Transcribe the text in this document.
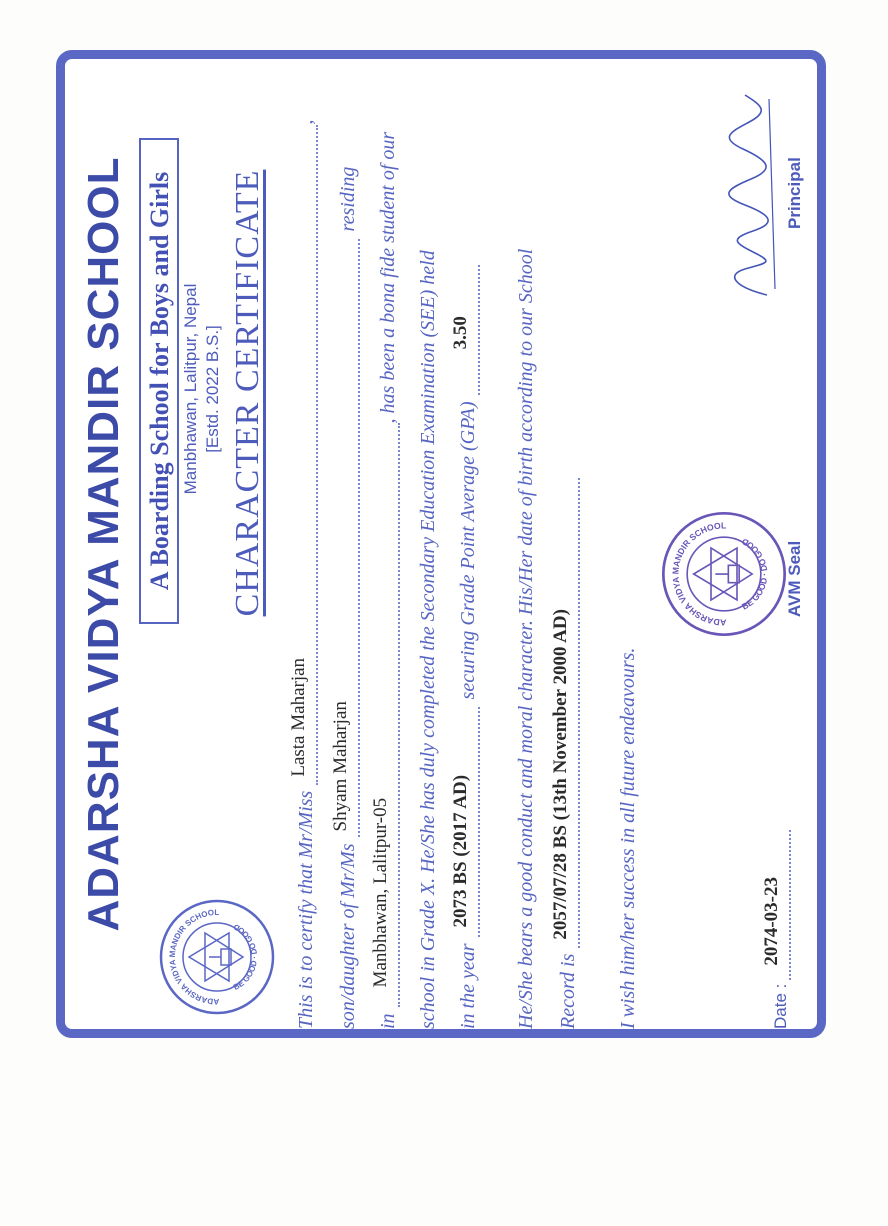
ADARSHA VIDYA MANDIR SCHOOL
ADARSHA VIDYA MANDIR SCHOOL
BE GOOD · DO GOOD
A Boarding School for Boys and Girls Manbhawan, Lalitpur, Nepal [Estd. 2022 B.S.] CHARACTER CERTIFICATE
This is to certify that Mr/Miss
Lasta Maharjan
,
son/daughter of Mr/Ms
Shyam Maharjan
residing
in
Manbhawan, Lalitpur-05
, has been a bona fide student of our school in Grade X. He/She has duly completed the Secondary Education Examination (SEE) held in the year
2073 BS (2017 AD)
securing Grade Point Average (GPA)
3.50 He/She bears a good conduct and moral character. His/Her date of birth according to our School Record is
2057/07/28 BS (13th November 2000 AD) I wish him/her success in all future endeavours.	Date :
2074-03-23
ADARSHA VIDYA MANDIR SCHOOL
BE GOOD · DO GOOD	AVM Seal
Principal
